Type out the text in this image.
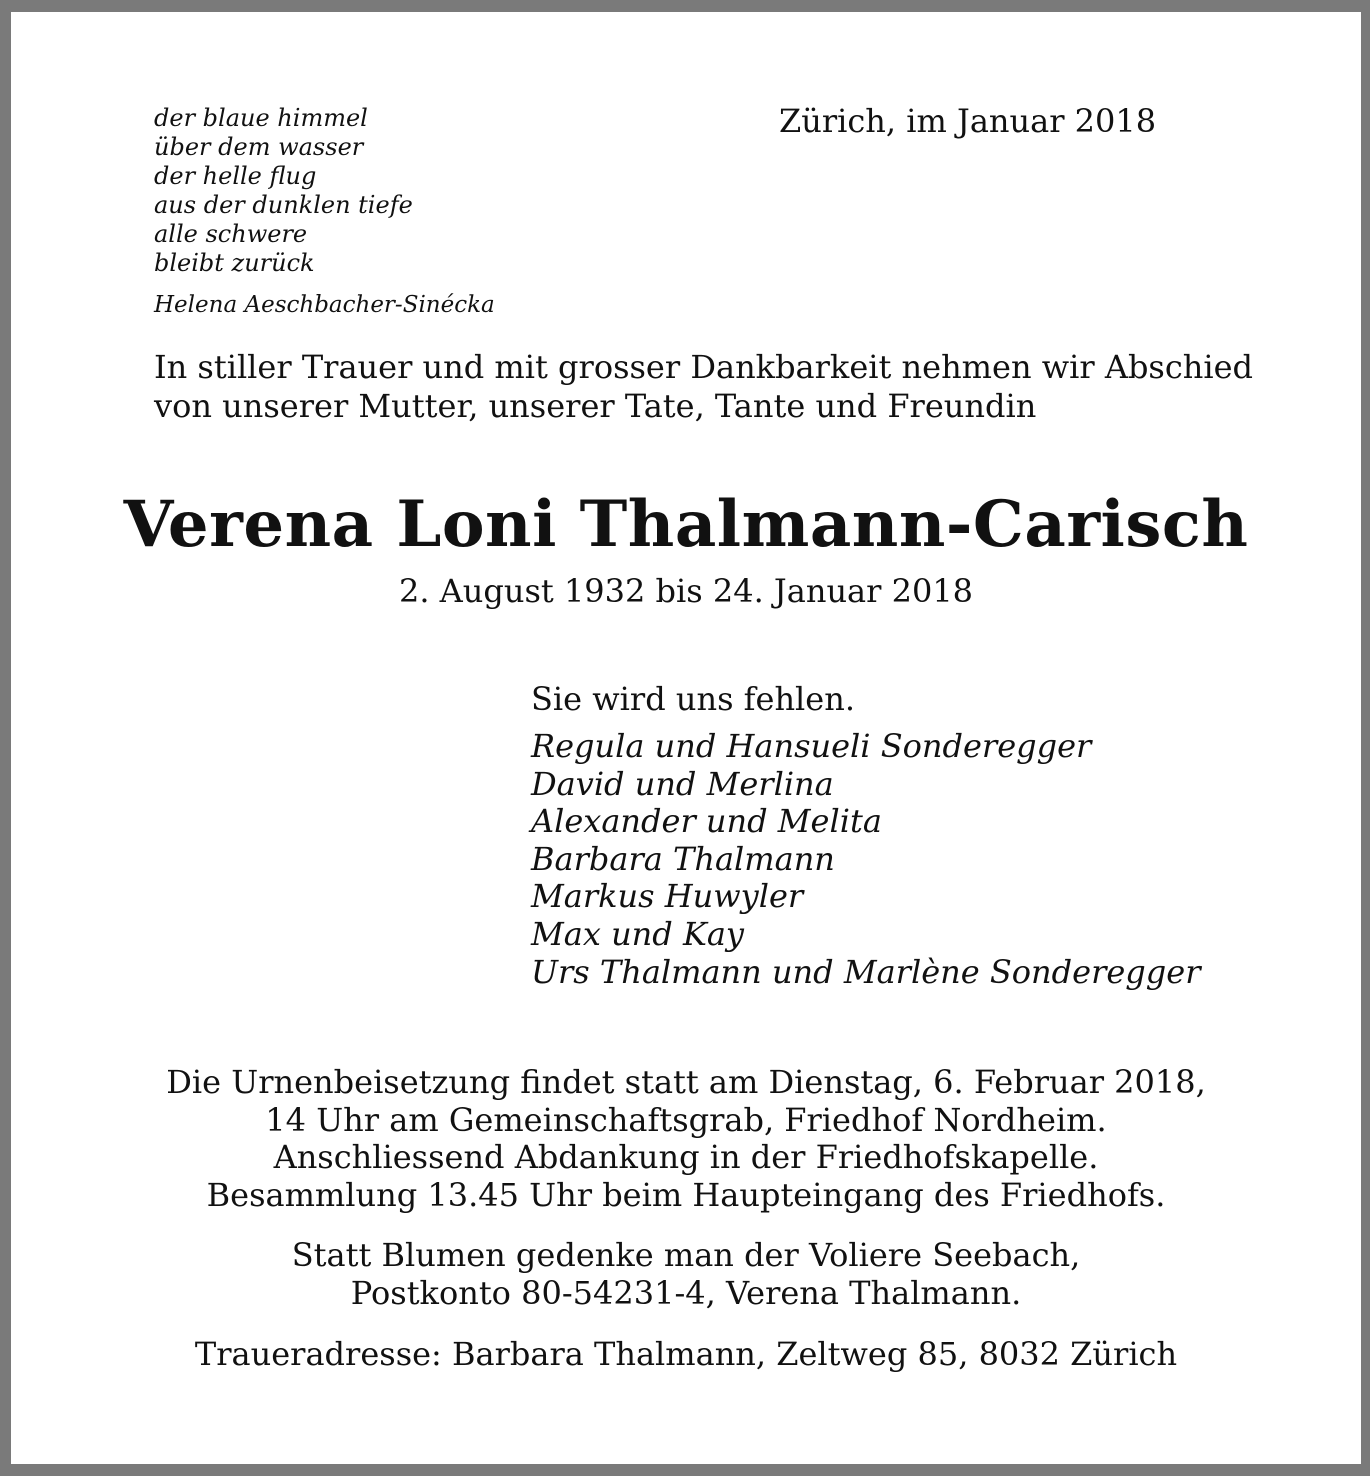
der blaue himmel
über dem wasser
der helle flug
aus der dunklen tiefe
alle schwere
bleibt zurück
Helena Aeschbacher-Sinécka
Zürich, im Januar 2018
In stiller Trauer und mit grosser Dankbarkeit nehmen wir Abschied
von unserer Mutter, unserer Tate, Tante und Freundin
Verena Loni Thalmann-Carisch
2. August 1932 bis 24. Januar 2018
Sie wird uns fehlen.
Regula und Hansueli Sonderegger
David und Merlina
Alexander und Melita
Barbara Thalmann
Markus Huwyler
Max und Kay
Urs Thalmann und Marlène Sonderegger
Die Urnenbeisetzung findet statt am Dienstag, 6. Februar 2018,
14 Uhr am Gemeinschaftsgrab, Friedhof Nordheim.
Anschliessend Abdankung in der Friedhofskapelle.
Besammlung 13.45 Uhr beim Haupteingang des Friedhofs.
Statt Blumen gedenke man der Voliere Seebach,
Postkonto 80-54231-4, Verena Thalmann.
Traueradresse: Barbara Thalmann, Zeltweg 85, 8032 Zürich
